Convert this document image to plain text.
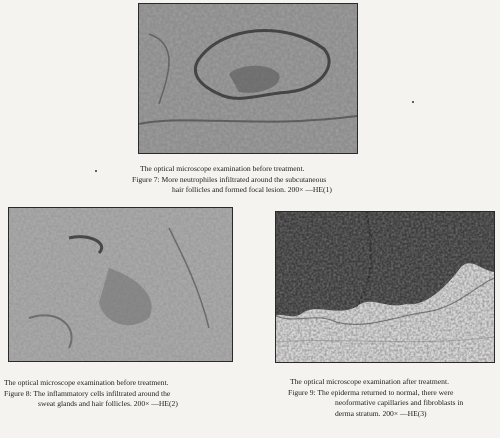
The optical microscope examination before treatment.
Figure 7: More neutrophiles infiltrated around the subcutaneous
hair follicles and formed focal lesion. 200× —HE(1)
The optical microscope examination before treatment.
Figure 8: The inflammatory cells infiltrated around the
sweat glands and hair follicles. 200× —HE(2)
The optical microscope examination after treatment.
Figure 9: The epiderma returned to normal, there were
neoformative capillaries and fibroblasts in
derma stratum. 200× —HE(3)
